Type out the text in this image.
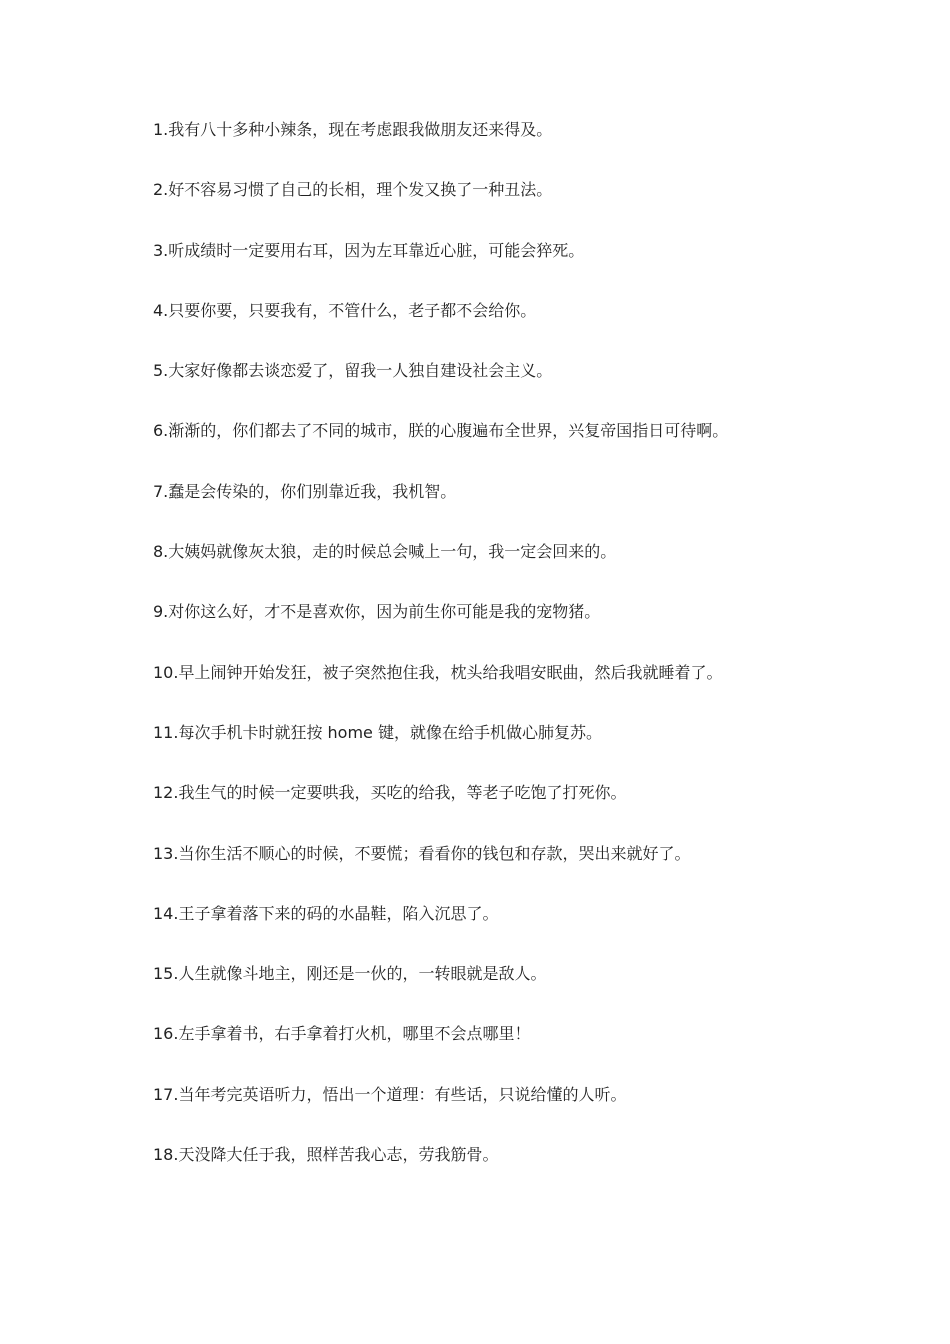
1.我有八十多种小辣条，现在考虑跟我做朋友还来得及。
2.好不容易习惯了自己的长相，理个发又换了一种丑法。
3.听成绩时一定要用右耳，因为左耳靠近心脏，可能会猝死。
4.只要你要，只要我有，不管什么，老子都不会给你。
5.大家好像都去谈恋爱了，留我一人独自建设社会主义。
6.渐渐的，你们都去了不同的城市，朕的心腹遍布全世界，兴复帝国指日可待啊。
7.蠢是会传染的，你们别靠近我，我机智。
8.大姨妈就像灰太狼，走的时候总会喊上一句，我一定会回来的。
9.对你这么好，才不是喜欢你，因为前生你可能是我的宠物猪。
10.早上闹钟开始发狂，被子突然抱住我，枕头给我唱安眠曲，然后我就睡着了。
11.每次手机卡时就狂按 home 键，就像在给手机做心肺复苏。
12.我生气的时候一定要哄我，买吃的给我，等老子吃饱了打死你。
13.当你生活不顺心的时候，不要慌；看看你的钱包和存款，哭出来就好了。
14.王子拿着落下来的码的水晶鞋，陷入沉思了。
15.人生就像斗地主，刚还是一伙的，一转眼就是敌人。
16.左手拿着书，右手拿着打火机，哪里不会点哪里！
17.当年考完英语听力，悟出一个道理：有些话，只说给懂的人听。
18.天没降大任于我，照样苦我心志，劳我筋骨。
